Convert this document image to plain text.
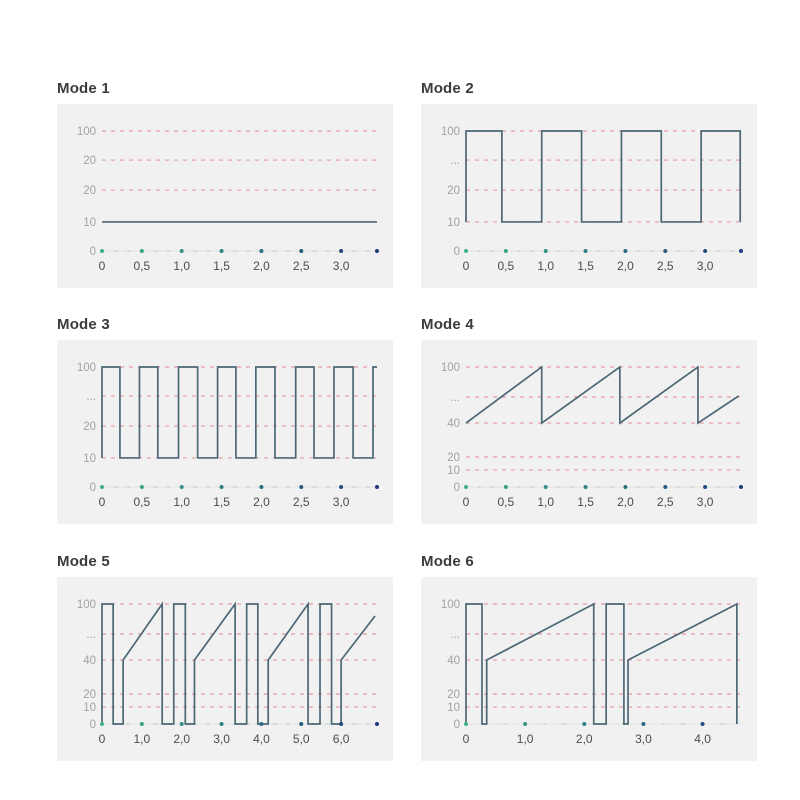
Mode 1
100
20
20
10
0
0 0,5 1,0 1,5 2,0 2,5 3,0
Mode 2
100
...
20
10
0
0 0,5 1,0 1,5 2,0 2,5 3,0
Mode 3
100
...
20
10
0
0 0,5 1,0 1,5 2,0 2,5 3,0
Mode 4
100
...
40
20
10
0
0 0,5 1,0 1,5 2,0 2,5 3,0
Mode 5
100
...
40
20
10
0
0 1,0 2,0 3,0 4,0 5,0 6,0
Mode 6
100
...
40
20
10
0
0	1,0	2,0	3,0	4,0
